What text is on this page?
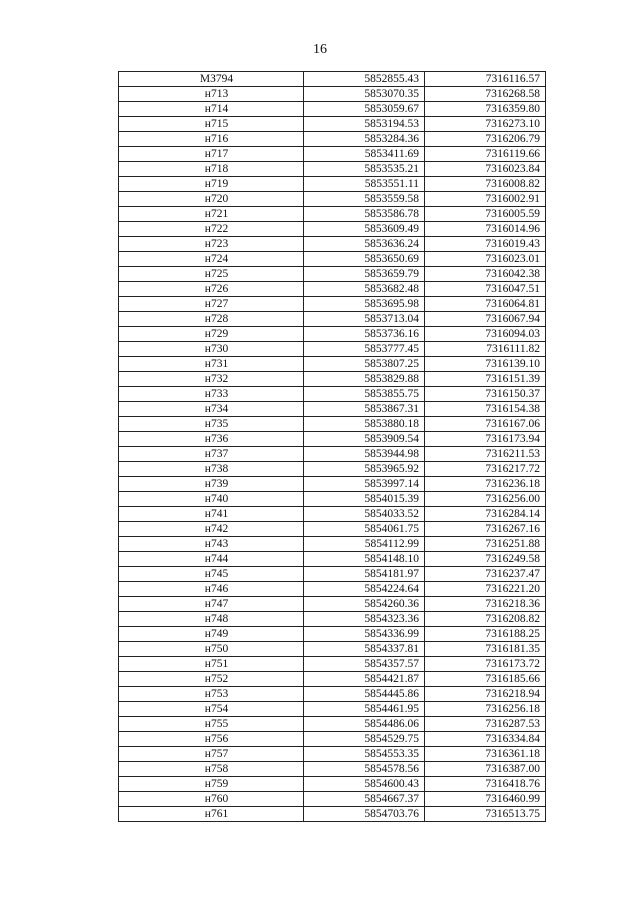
16
МЗ794	5852855.43	7316116.57
н713	5853070.35	7316268.58
н714	5853059.67	7316359.80
н715	5853194.53	7316273.10
н716	5853284.36	7316206.79
н717	5853411.69	7316119.66
н718	5853535.21	7316023.84
н719	5853551.11	7316008.82
н720	5853559.58	7316002.91
н721	5853586.78	7316005.59
н722	5853609.49	7316014.96
н723	5853636.24	7316019.43
н724	5853650.69	7316023.01
н725	5853659.79	7316042.38
н726	5853682.48	7316047.51
н727	5853695.98	7316064.81
н728	5853713.04	7316067.94
н729	5853736.16	7316094.03
н730	5853777.45	7316111.82
н731	5853807.25	7316139.10
н732	5853829.88	7316151.39
н733	5853855.75	7316150.37
н734	5853867.31	7316154.38
н735	5853880.18	7316167.06
н736	5853909.54	7316173.94
н737	5853944.98	7316211.53
н738	5853965.92	7316217.72
н739	5853997.14	7316236.18
н740	5854015.39	7316256.00
н741	5854033.52	7316284.14
н742	5854061.75	7316267.16
н743	5854112.99	7316251.88
н744	5854148.10	7316249.58
н745	5854181.97	7316237.47
н746	5854224.64	7316221.20
н747	5854260.36	7316218.36
н748	5854323.36	7316208.82
н749	5854336.99	7316188.25
н750	5854337.81	7316181.35
н751	5854357.57	7316173.72
н752	5854421.87	7316185.66
н753	5854445.86	7316218.94
н754	5854461.95	7316256.18
н755	5854486.06	7316287.53
н756	5854529.75	7316334.84
н757	5854553.35	7316361.18
н758	5854578.56	7316387.00
н759	5854600.43	7316418.76
н760	5854667.37	7316460.99
н761	5854703.76	7316513.75
